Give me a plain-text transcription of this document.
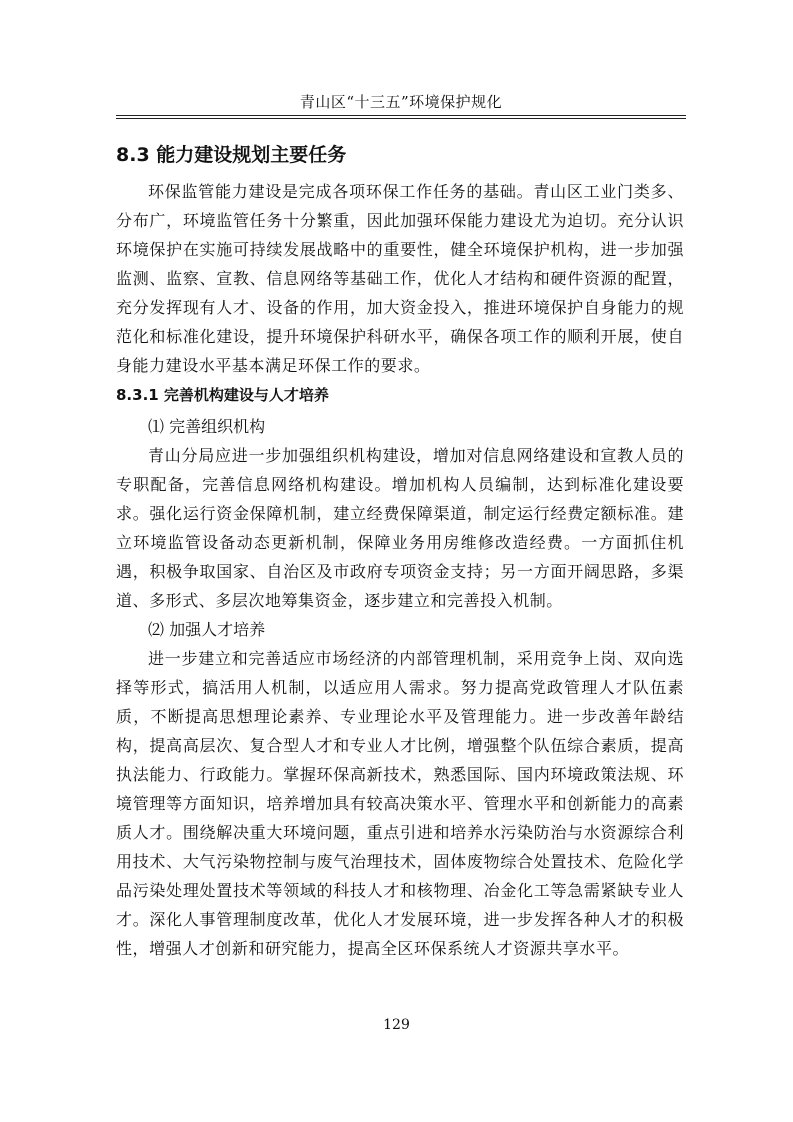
青山区“十三五”环境保护规化
8.3 能力建设规划主要任务

环保监管能力建设是完成各项环保工作任务的基础。青山区工业门类多、分布广，环境监管任务十分繁重，因此加强环保能力建设尤为迫切。充分认识环境保护在实施可持续发展战略中的重要性，健全环境保护机构，进一步加强监测、监察、宣教、信息网络等基础工作，优化人才结构和硬件资源的配置，充分发挥现有人才、设备的作用，加大资金投入，推进环境保护自身能力的规范化和标准化建设，提升环境保护科研水平，确保各项工作的顺利开展，使自身能力建设水平基本满足环保工作的要求。

8.3.1 完善机构建设与人才培养

⑴ 完善组织机构

青山分局应进一步加强组织机构建设，增加对信息网络建设和宣教人员的专职配备，完善信息网络机构建设。增加机构人员编制，达到标准化建设要求。强化运行资金保障机制，建立经费保障渠道，制定运行经费定额标准。建立环境监管设备动态更新机制，保障业务用房维修改造经费。一方面抓住机遇，积极争取国家、自治区及市政府专项资金支持；另一方面开阔思路，多渠道、多形式、多层次地筹集资金，逐步建立和完善投入机制。

⑵ 加强人才培养

进一步建立和完善适应市场经济的内部管理机制，采用竞争上岗、双向选择等形式，搞活用人机制，以适应用人需求。努力提高党政管理人才队伍素质，不断提高思想理论素养、专业理论水平及管理能力。进一步改善年龄结构，提高高层次、复合型人才和专业人才比例，增强整个队伍综合素质，提高执法能力、行政能力。掌握环保高新技术，熟悉国际、国内环境政策法规、环境管理等方面知识，培养增加具有较高决策水平、管理水平和创新能力的高素质人才。围绕解决重大环境问题，重点引进和培养水污染防治与水资源综合利用技术、大气污染物控制与废气治理技术，固体废物综合处置技术、危险化学品污染处理处置技术等领域的科技人才和核物理、冶金化工等急需紧缺专业人才。深化人事管理制度改革，优化人才发展环境，进一步发挥各种人才的积极性，增强人才创新和研究能力，提高全区环保系统人才资源共享水平。

129
